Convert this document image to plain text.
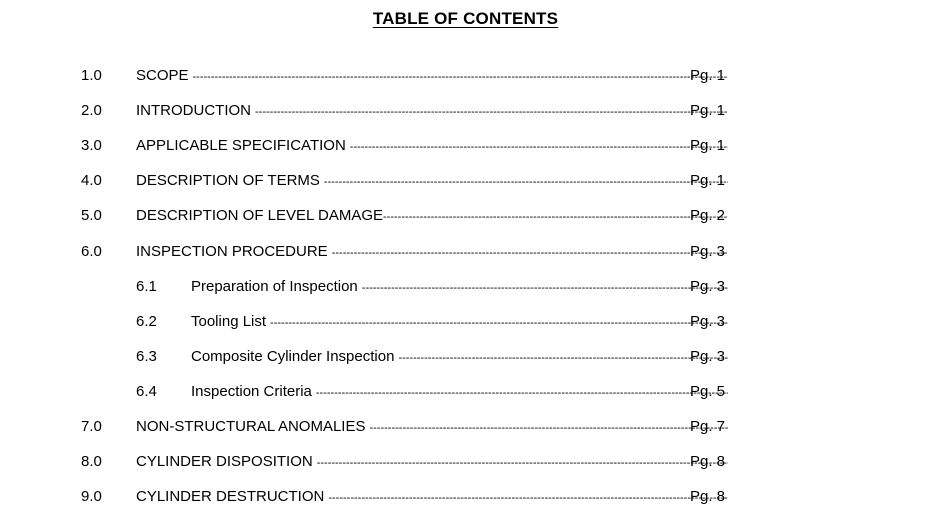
TABLE OF CONTENTS
1.0 SCOPE -----	Pg. 1
2.0 INTRODUCTION -----	Pg. 1
3.0 APPLICABLE SPECIFICATION -----	Pg. 1
4.0 DESCRIPTION OF TERMS -----	Pg. 1
5.0 DESCRIPTION OF LEVEL DAMAGE -----	Pg. 2
6.0 INSPECTION PROCEDURE -----	Pg. 3
6.1 Preparation of Inspection -----	Pg. 3
6.2 Tooling List -----	Pg. 3
6.3 Composite Cylinder Inspection -----	Pg. 3
6.4 Inspection Criteria -----	Pg. 5
7.0 NON-STRUCTURAL ANOMALIES -----	Pg. 7
8.0 CYLINDER DISPOSITION -----	Pg. 8
9.0 CYLINDER DESTRUCTION -----	Pg. 8
